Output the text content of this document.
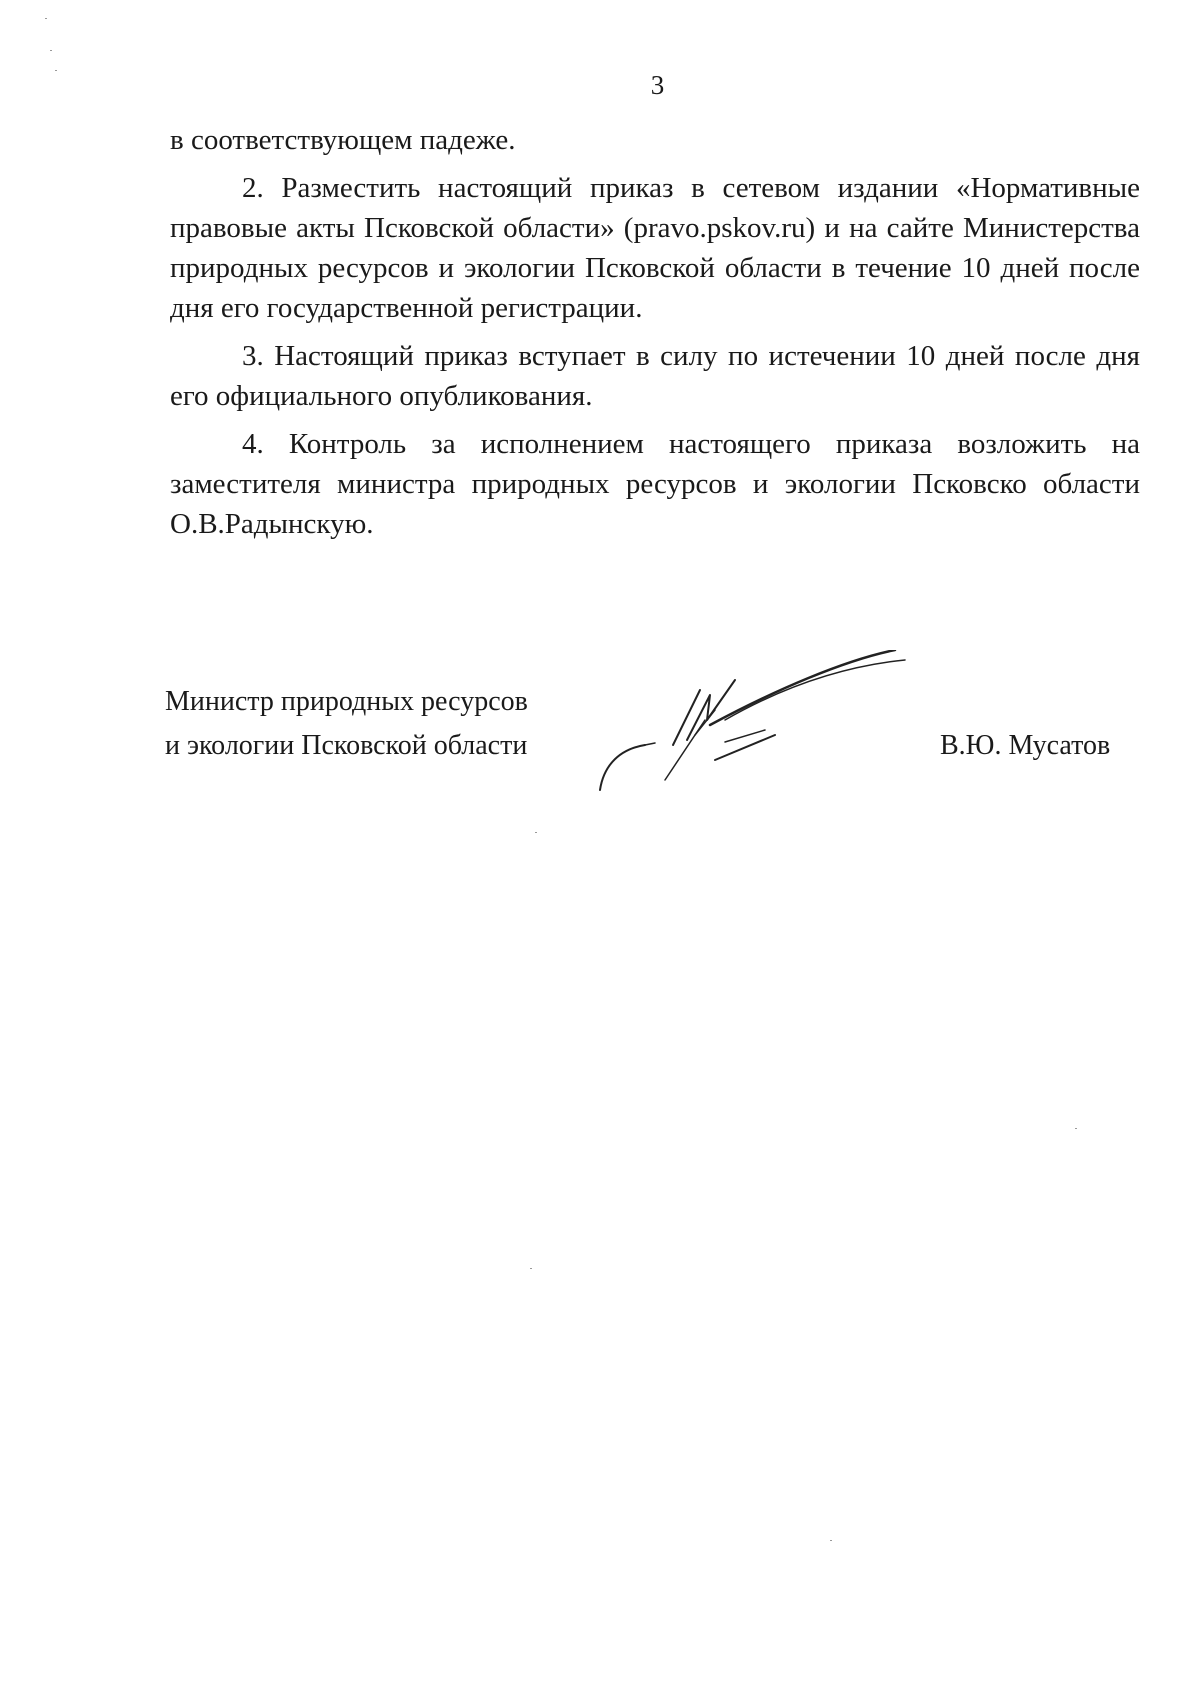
3

в соответствующем падеже.

2. Разместить настоящий приказ в сетевом издании «Нормативные правовые акты Псковской области» (pravo.pskov.ru) и на сайте Министерства природных ресурсов и экологии Псковской области в течение 10 дней после дня его государственной регистрации.

3. Настоящий приказ вступает в силу по истечении 10 дней после дня его официального опубликования.

4. Контроль за исполнением настоящего приказа возложить на заместителя министра природных ресурсов и экологии Псковско области О.В.Радынскую.

Министр природных ресурсов
и экологии Псковской области	В.Ю. Мусатов
